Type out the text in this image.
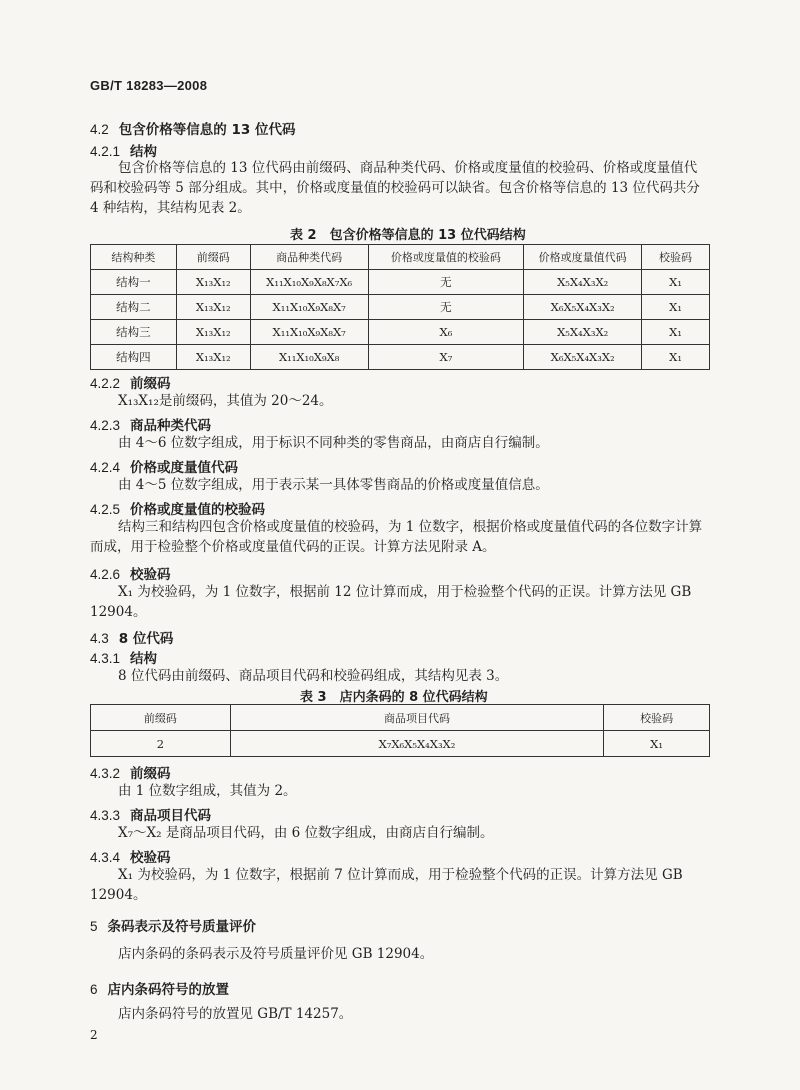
GB/T 18283—2008
4.2 包含价格等信息的 13 位代码
4.2.1 结构

包含价格等信息的 13 位代码由前缀码、商品种类代码、价格或度量值的校验码、价格或度量值代码和校验码等 5 部分组成。其中，价格或度量值的校验码可以缺省。包含价格等信息的 13 位代码共分 4 种结构，其结构见表 2。

表 2　包含价格等信息的 13 位代码结构
结构种类	前缀码	商品种类代码	价格或度量值的校验码	价格或度量值代码	校验码
结构一	X₁₃X₁₂	X₁₁X₁₀X₉X₈X₇X₆	无	X₅X₄X₃X₂	X₁
结构二	X₁₃X₁₂	X₁₁X₁₀X₉X₈X₇	无	X₆X₅X₄X₃X₂	X₁
结构三	X₁₃X₁₂	X₁₁X₁₀X₉X₈X₇	X₆	X₅X₄X₃X₂	X₁
结构四	X₁₃X₁₂	X₁₁X₁₀X₉X₈	X₇	X₆X₅X₄X₃X₂	X₁
4.2.2 前缀码

X₁₃X₁₂是前缀码，其值为 20～24。

4.2.3 商品种类代码

由 4～6 位数字组成，用于标识不同种类的零售商品，由商店自行编制。

4.2.4 价格或度量值代码

由 4～5 位数字组成，用于表示某一具体零售商品的价格或度量值信息。

4.2.5 价格或度量值的校验码

结构三和结构四包含价格或度量值的校验码，为 1 位数字，根据价格或度量值代码的各位数字计算而成，用于检验整个价格或度量值代码的正误。计算方法见附录 A。

4.2.6 校验码

X₁ 为校验码，为 1 位数字，根据前 12 位计算而成，用于检验整个代码的正误。计算方法见 GB 12904。

4.3 8 位代码
4.3.1 结构

8 位代码由前缀码、商品项目代码和校验码组成，其结构见表 3。

表 3　店内条码的 8 位代码结构
前缀码	商品项目代码	校验码
2	X₇X₆X₅X₄X₃X₂	X₁
4.3.2 前缀码

由 1 位数字组成，其值为 2。

4.3.3 商品项目代码

X₇～X₂ 是商品项目代码，由 6 位数字组成，由商店自行编制。

4.3.4 校验码

X₁ 为校验码，为 1 位数字，根据前 7 位计算而成，用于检验整个代码的正误。计算方法见 GB 12904。

5 条码表示及符号质量评价

店内条码的条码表示及符号质量评价见 GB 12904。

6 店内条码符号的放置

店内条码符号的放置见 GB/T 14257。

2
